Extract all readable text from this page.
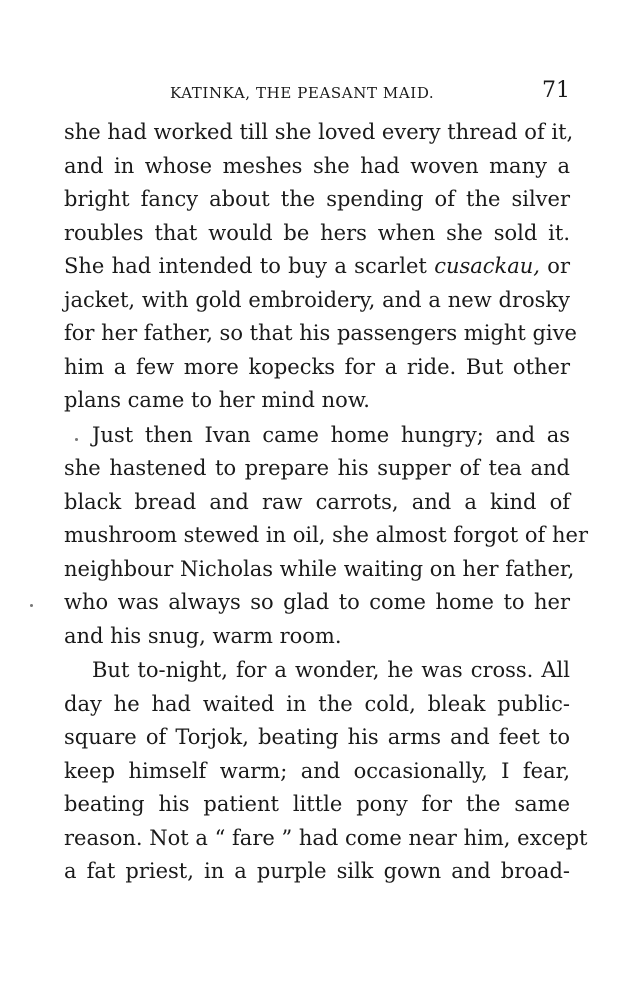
KATINKA, THE PEASANT MAID.	71
she had worked till she loved every thread of it,
and in whose meshes she had woven many a
bright fancy about the spending of the silver
roubles that would be hers when she sold it.
She had intended to buy a scarlet cusackau, or
jacket, with gold embroidery, and a new drosky
for her father, so that his passengers might give
him a few more kopecks for a ride. But other
plans came to her mind now.
Just then Ivan came home hungry; and as
she hastened to prepare his supper of tea and
black bread and raw carrots, and a kind of
mushroom stewed in oil, she almost forgot of her
neighbour Nicholas while waiting on her father,
who was always so glad to come home to her
and his snug, warm room.
But to-night, for a wonder, he was cross. All
day he had waited in the cold, bleak public-
square of Torjok, beating his arms and feet to
keep himself warm; and occasionally, I fear,
beating his patient little pony for the same
reason. Not a “ fare ” had come near him, except
a fat priest, in a purple silk gown and broad-
